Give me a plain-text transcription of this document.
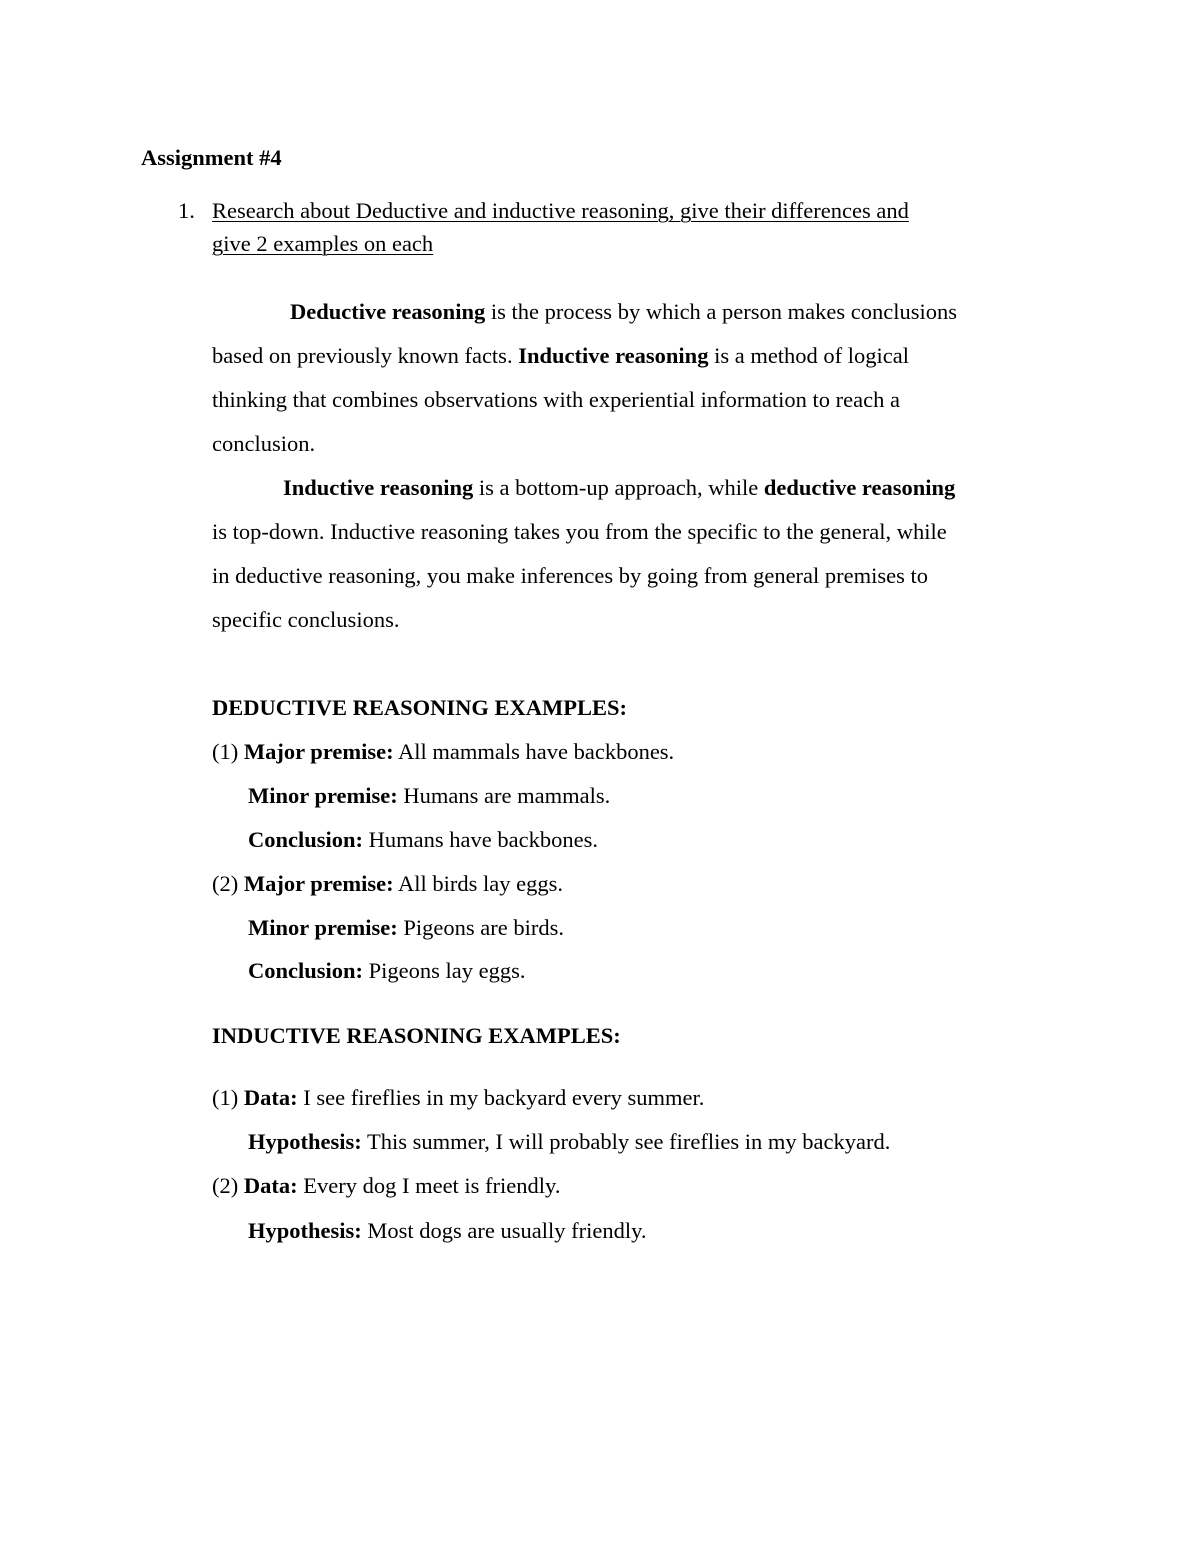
Assignment #4
1. Research about Deductive and inductive reasoning, give their differences and
give 2 examples on each
Deductive reasoning is the process by which a person makes conclusions
based on previously known facts. Inductive reasoning is a method of logical
thinking that combines observations with experiential information to reach a
conclusion.
Inductive reasoning is a bottom-up approach, while deductive reasoning
is top-down. Inductive reasoning takes you from the specific to the general, while
in deductive reasoning, you make inferences by going from general premises to
specific conclusions.
DEDUCTIVE REASONING EXAMPLES:
(1) Major premise: All mammals have backbones.
Minor premise: Humans are mammals.
Conclusion: Humans have backbones.
(2) Major premise: All birds lay eggs.
Minor premise: Pigeons are birds.
Conclusion: Pigeons lay eggs.
INDUCTIVE REASONING EXAMPLES:
(1) Data: I see fireflies in my backyard every summer.
Hypothesis: This summer, I will probably see fireflies in my backyard.
(2) Data: Every dog I meet is friendly.
Hypothesis: Most dogs are usually friendly.
